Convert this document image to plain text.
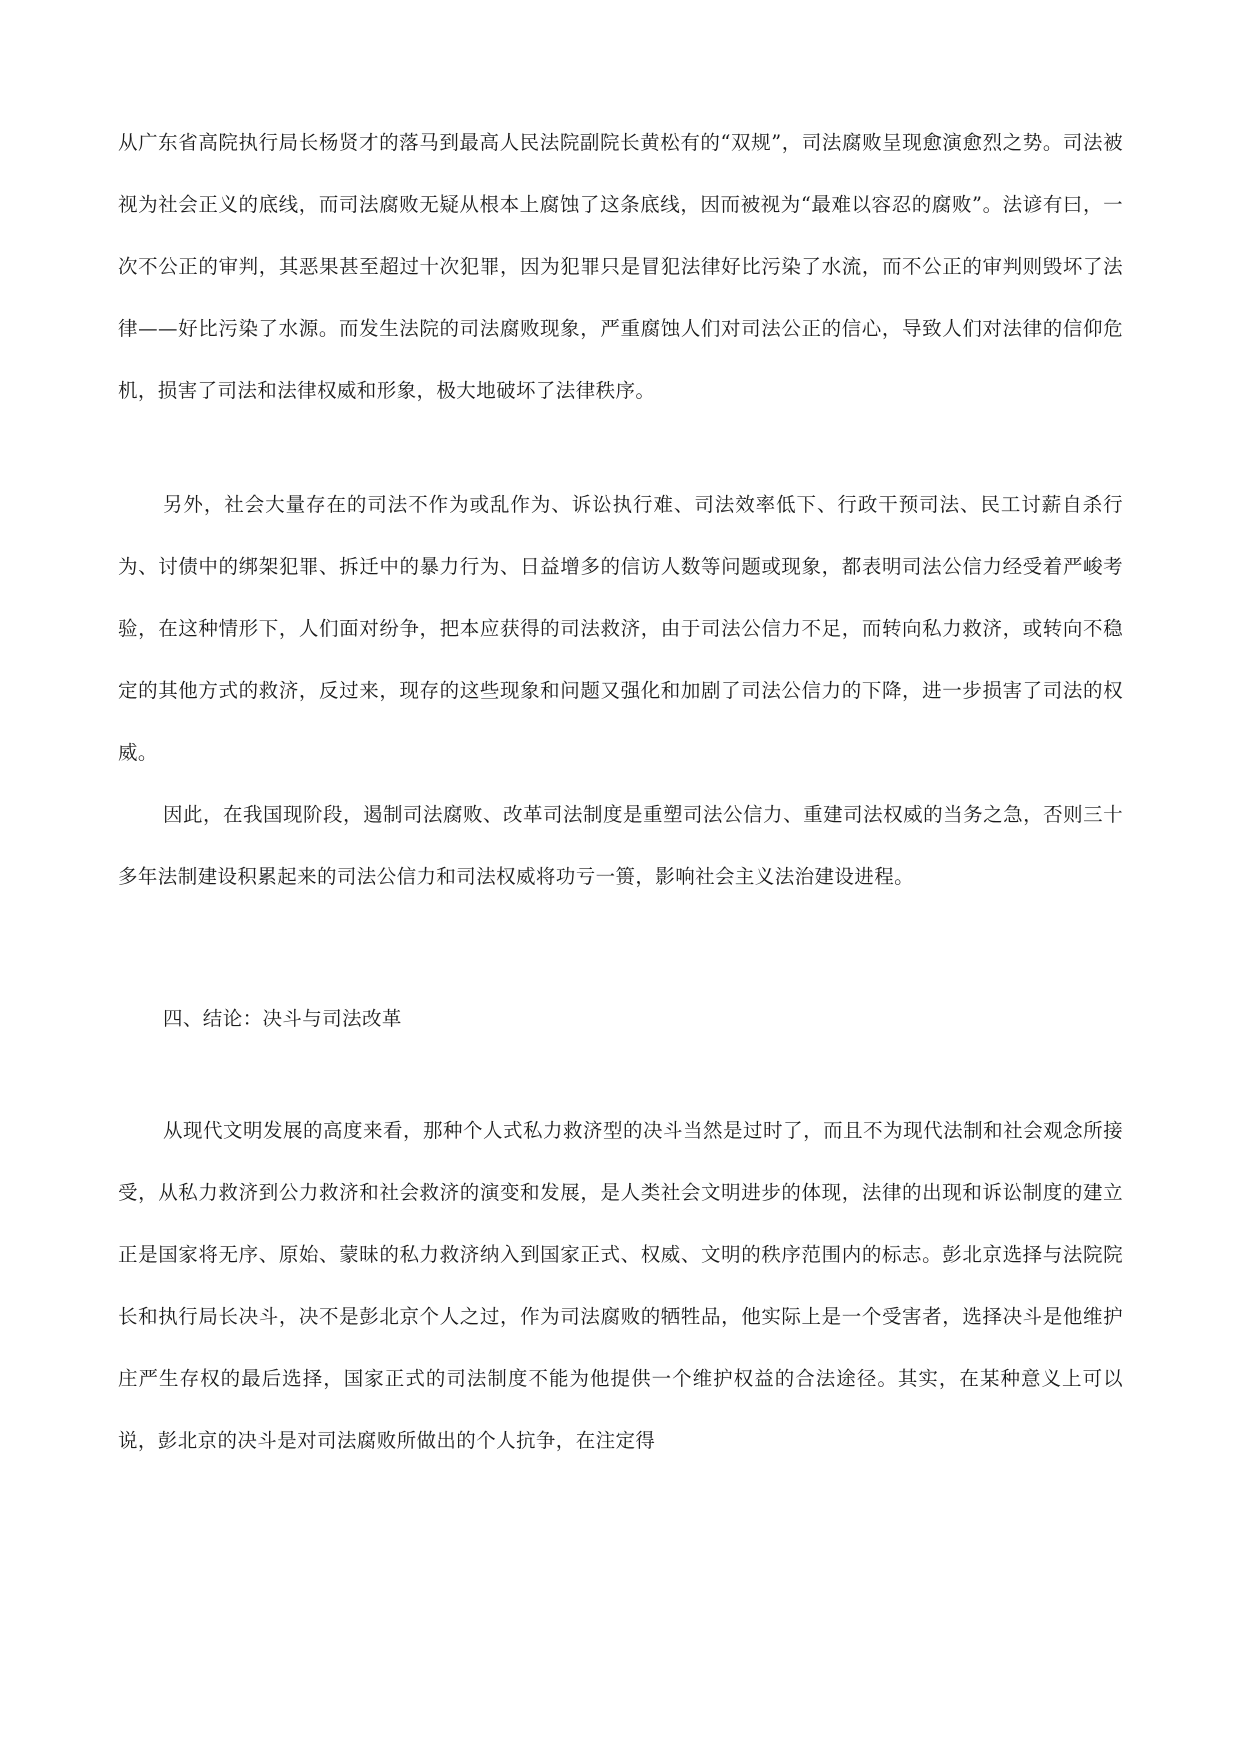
从广东省高院执行局长杨贤才的落马到最高人民法院副院长黄松有的“双规”，司法腐败呈现愈演愈烈之势。司法被视为社会正义的底线，而司法腐败无疑从根本上腐蚀了这条底线，因而被视为“最难以容忍的腐败”。法谚有曰，一次不公正的审判，其恶果甚至超过十次犯罪，因为犯罪只是冒犯法律好比污染了水流，而不公正的审判则毁坏了法律——好比污染了水源。而发生法院的司法腐败现象，严重腐蚀人们对司法公正的信心，导致人们对法律的信仰危机，损害了司法和法律权威和形象，极大地破坏了法律秩序。

另外，社会大量存在的司法不作为或乱作为、诉讼执行难、司法效率低下、行政干预司法、民工讨薪自杀行为、讨债中的绑架犯罪、拆迁中的暴力行为、日益增多的信访人数等问题或现象，都表明司法公信力经受着严峻考验，在这种情形下，人们面对纷争，把本应获得的司法救济，由于司法公信力不足，而转向私力救济，或转向不稳定的其他方式的救济，反过来，现存的这些现象和问题又强化和加剧了司法公信力的下降，进一步损害了司法的权威。

因此，在我国现阶段，遏制司法腐败、改革司法制度是重塑司法公信力、重建司法权威的当务之急，否则三十多年法制建设积累起来的司法公信力和司法权威将功亏一篑，影响社会主义法治建设进程。

四、结论：决斗与司法改革

从现代文明发展的高度来看，那种个人式私力救济型的决斗当然是过时了，而且不为现代法制和社会观念所接受，从私力救济到公力救济和社会救济的演变和发展，是人类社会文明进步的体现，法律的出现和诉讼制度的建立正是国家将无序、原始、蒙昧的私力救济纳入到国家正式、权威、文明的秩序范围内的标志。彭北京选择与法院院长和执行局长决斗，决不是彭北京个人之过，作为司法腐败的牺牲品，他实际上是一个受害者，选择决斗是他维护庄严生存权的最后选择，国家正式的司法制度不能为他提供一个维护权益的合法途径。其实，在某种意义上可以说，彭北京的决斗是对司法腐败所做出的个人抗争，在注定得
